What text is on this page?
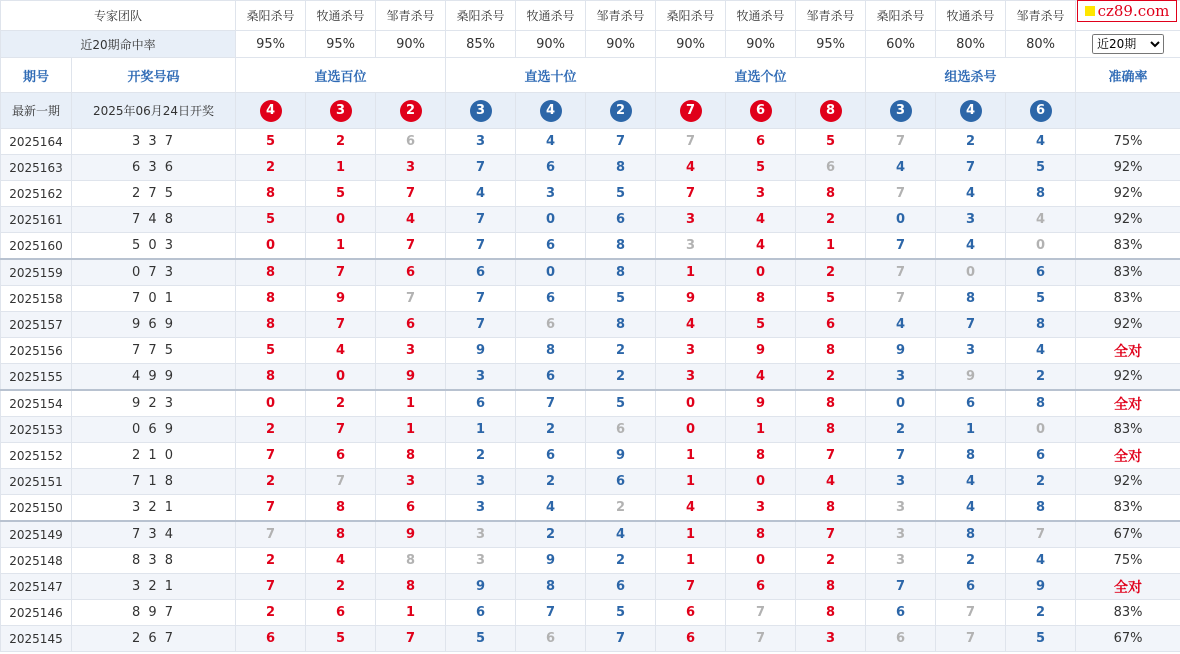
专家团队		桑阳杀号	牧通杀号	邹青杀号	桑阳杀号	牧通杀号	邹青杀号	桑阳杀号	牧通杀号	邹青杀号	桑阳杀号	牧通杀号	邹青杀号	
近20期命中率		95%	95%	90%	85%	90%	90%	90%	90%	95%	60%	80%	80%	
近20期
期号	开奖号码	直选百位			直选十位			直选个位			组选杀号			准确率
最新一期	2025年06月24日开奖	4	3	2	3	4	2	7	6	8	3	4	6	
2025164	3 3 7	5	2	6	3	4	7	7	6	5	7	2	4	75%
2025163	6 3 6	2	1	3	7	6	8	4	5	6	4	7	5	92%
2025162	2 7 5	8	5	7	4	3	5	7	3	8	7	4	8	92%
2025161	7 4 8	5	0	4	7	0	6	3	4	2	0	3	4	92%
2025160	5 0 3	0	1	7	7	6	8	3	4	1	7	4	0	83%
2025159	0 7 3	8	7	6	6	0	8	1	0	2	7	0	6	83%
2025158	7 0 1	8	9	7	7	6	5	9	8	5	7	8	5	83%
2025157	9 6 9	8	7	6	7	6	8	4	5	6	4	7	8	92%
2025156	7 7 5	5	4	3	9	8	2	3	9	8	9	3	4	全对
2025155	4 9 9	8	0	9	3	6	2	3	4	2	3	9	2	92%
2025154	9 2 3	0	2	1	6	7	5	0	9	8	0	6	8	全对
2025153	0 6 9	2	7	1	1	2	6	0	1	8	2	1	0	83%
2025152	2 1 0	7	6	8	2	6	9	1	8	7	7	8	6	全对
2025151	7 1 8	2	7	3	3	2	6	1	0	4	3	4	2	92%
2025150	3 2 1	7	8	6	3	4	2	4	3	8	3	4	8	83%
2025149	7 3 4	7	8	9	3	2	4	1	8	7	3	8	7	67%
2025148	8 3 8	2	4	8	3	9	2	1	0	2	3	2	4	75%
2025147	3 2 1	7	2	8	9	8	6	7	6	8	7	6	9	全对
2025146	8 9 7	2	6	1	6	7	5	6	7	8	6	7	2	83%
2025145	2 6 7	6	5	7	5	6	7	6	7	3	6	7	5	67%
cz89.com
